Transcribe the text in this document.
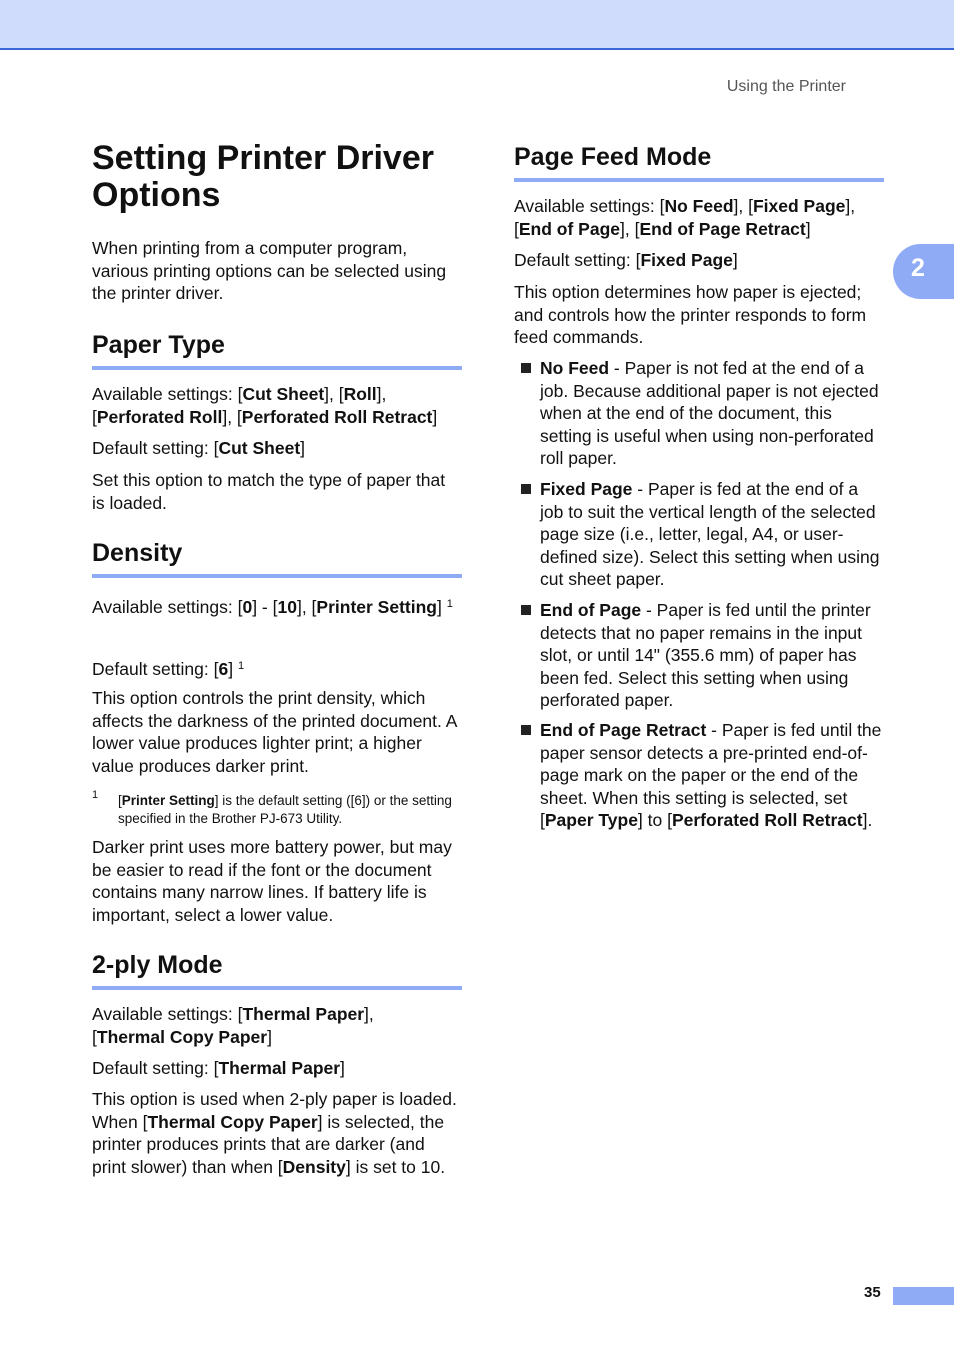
Using the Printer
2
Setting Printer Driver Options

When printing from a computer program, various printing options can be selected using the printer driver.

Paper Type

Available settings: [Cut Sheet], [Roll],
[Perforated Roll], [Perforated Roll Retract]

Default setting: [Cut Sheet]

Set this option to match the type of paper that is loaded.

Density

Available settings: [0] - [10], [Printer Setting] $^1$

Default setting: [6] $^1$

This option controls the print density, which affects the darkness of the printed document. A lower value produces lighter print; a higher value produces darker print.

1 [Printer Setting] is the default setting ([6]) or the setting specified in the Brother PJ-673 Utility.

Darker print uses more battery power, but may be easier to read if the font or the document contains many narrow lines. If battery life is important, select a lower value.

2-ply Mode

Available settings: [Thermal Paper],
[Thermal Copy Paper]

Default setting: [Thermal Paper]

This option is used when 2-ply paper is loaded. When [Thermal Copy Paper] is selected, the printer produces prints that are darker (and print slower) than when [Density] is set to 10.

Page Feed Mode

Available settings: [No Feed], [Fixed Page],
[End of Page], [End of Page Retract]

Default setting: [Fixed Page]

This option determines how paper is ejected; and controls how the printer responds to form feed commands.

No Feed - Paper is not fed at the end of a job. Because additional paper is not ejected when at the end of the document, this setting is useful when using non-perforated roll paper.
Fixed Page - Paper is fed at the end of a job to suit the vertical length of the selected page size (i.e., letter, legal, A4, or user-defined size). Select this setting when using cut sheet paper.
End of Page - Paper is fed until the printer detects that no paper remains in the input slot, or until 14" (355.6 mm) of paper has been fed. Select this setting when using perforated paper.
End of Page Retract - Paper is fed until the paper sensor detects a pre-printed end-of-page mark on the paper or the end of the sheet. When this setting is selected, set [Paper Type] to [Perforated Roll Retract].
35
